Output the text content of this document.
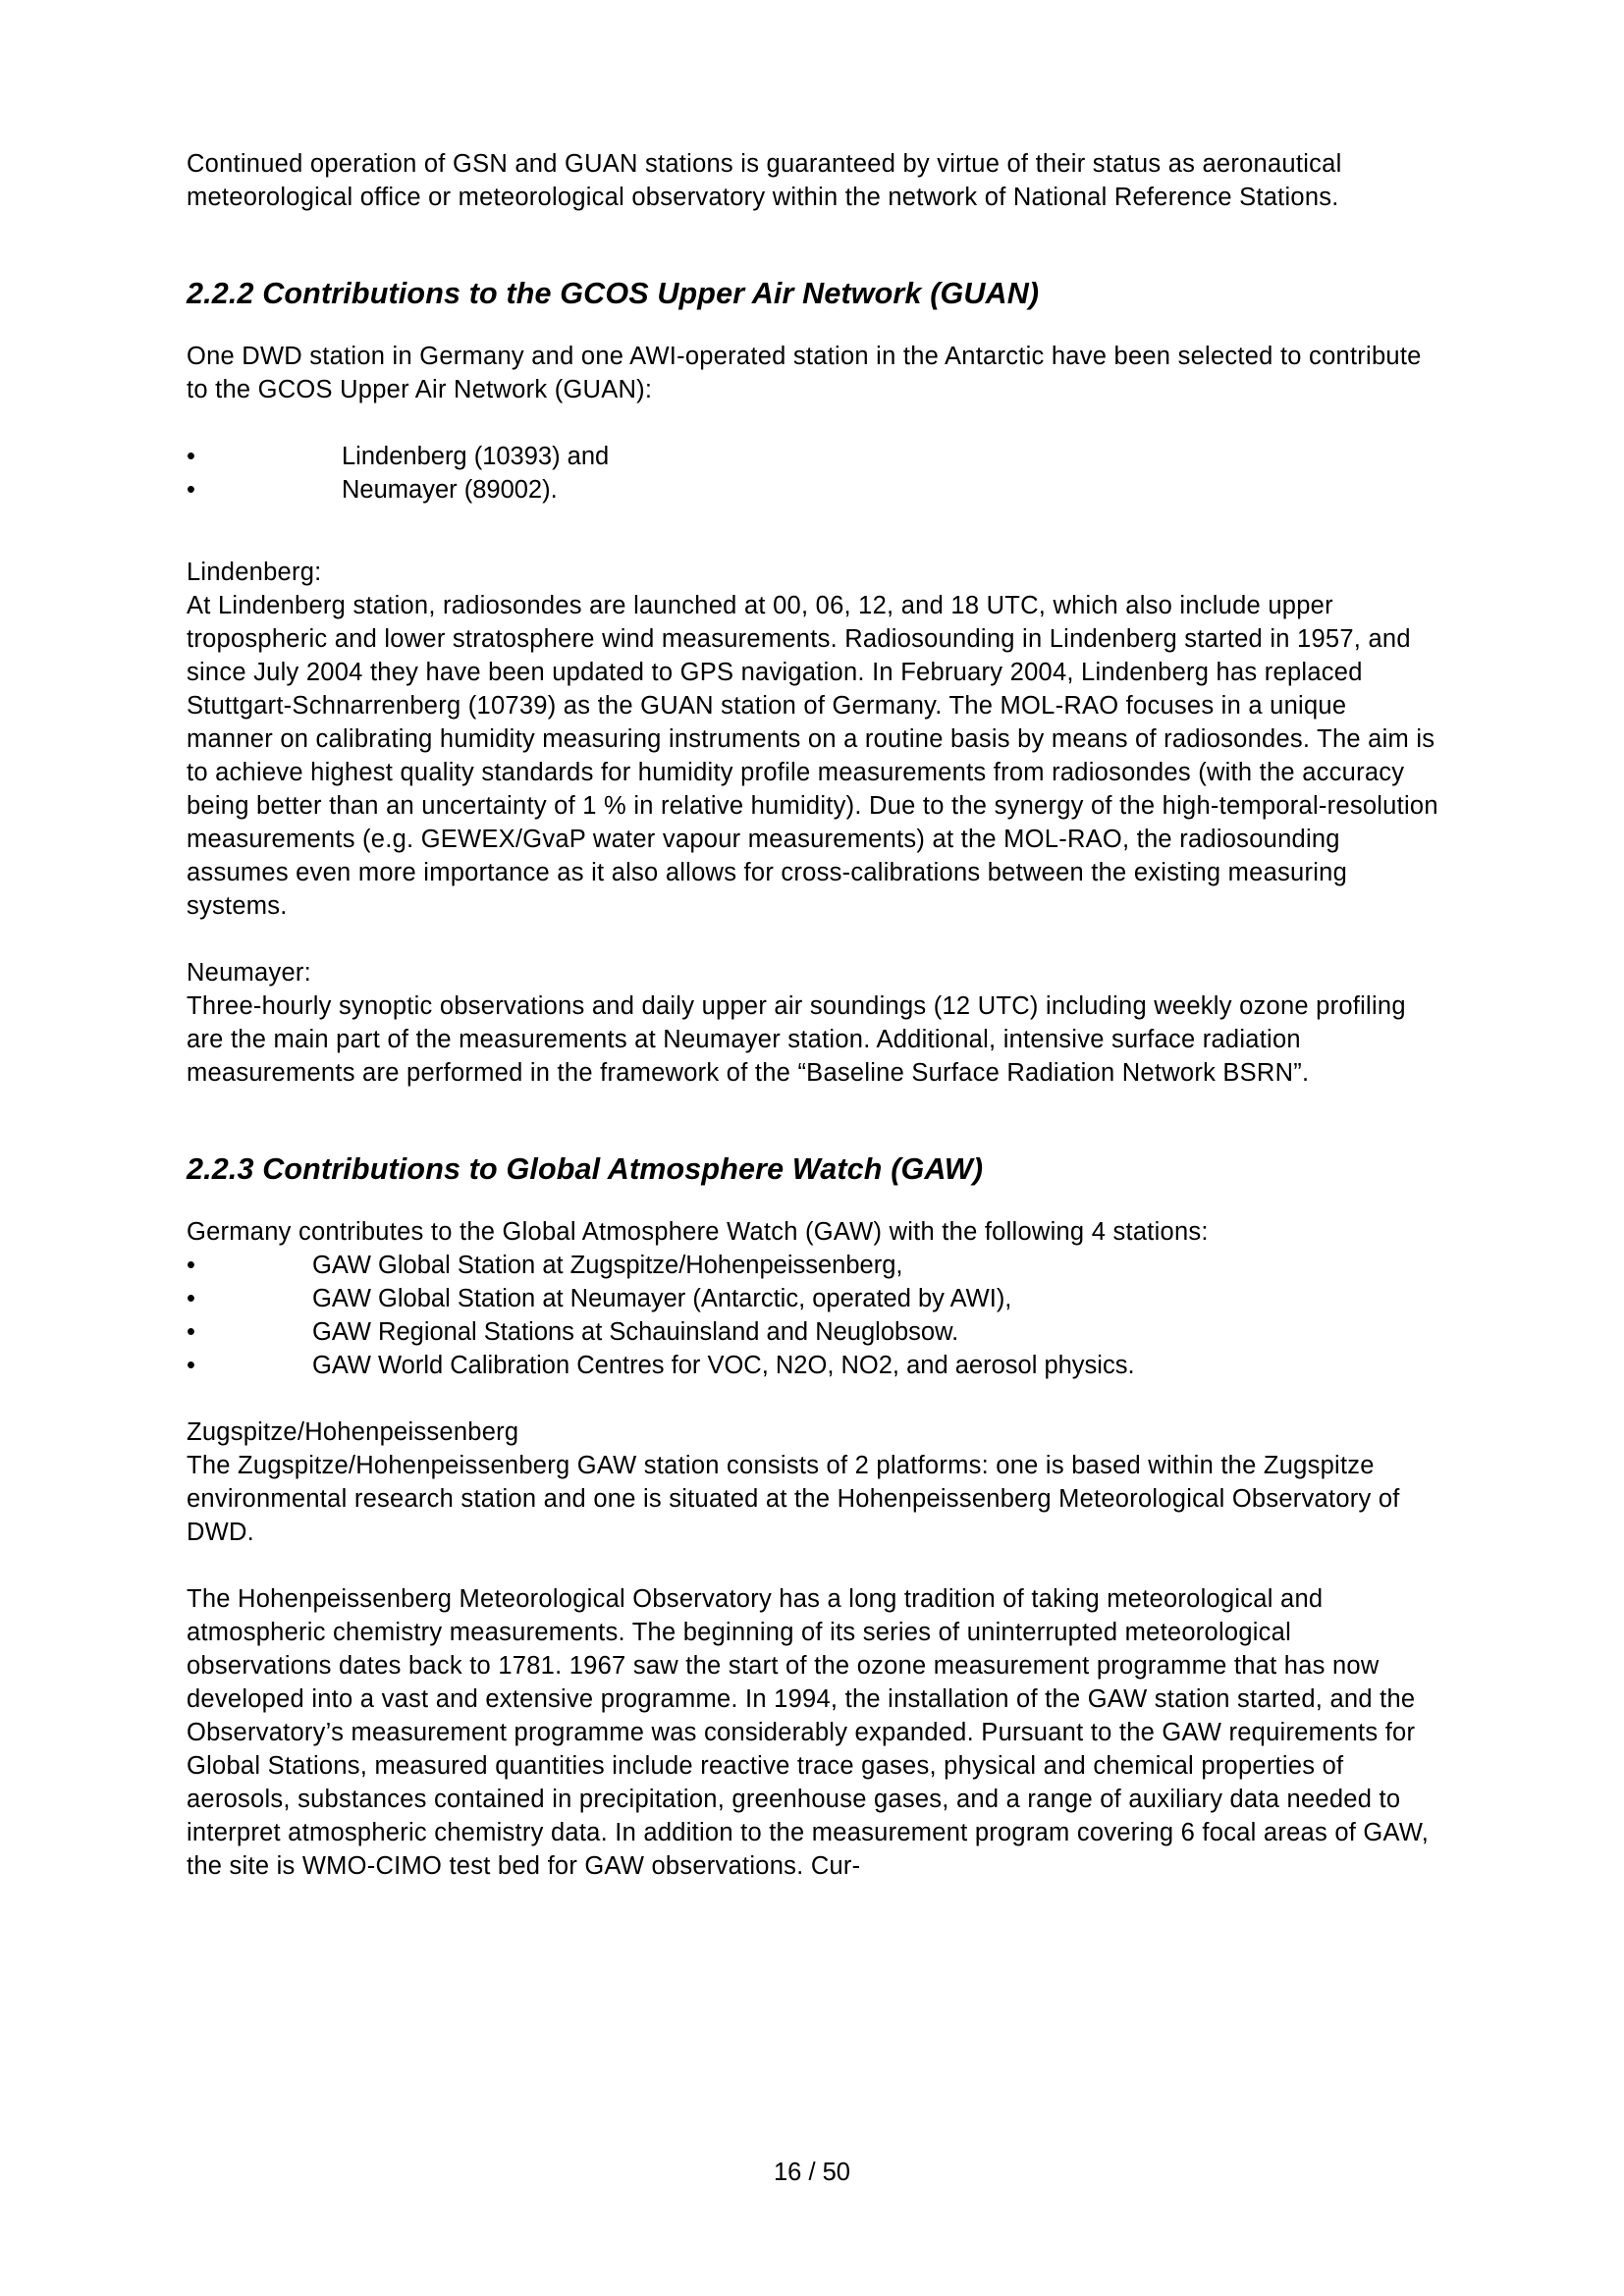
Continued operation of GSN and GUAN stations is guaranteed by virtue of their status as aeronautical meteorological office or meteorological observatory within the network of National Reference Stations.

2.2.2 Contributions to the GCOS Upper Air Network (GUAN)

One DWD station in Germany and one AWI-operated station in the Antarctic have been selected to contribute to the GCOS Upper Air Network (GUAN):

•	Lindenberg (10393) and
•	Neumayer (89002).

Lindenberg:

At Lindenberg station, radiosondes are launched at 00, 06, 12, and 18 UTC, which also include upper tropospheric and lower stratosphere wind measurements. Radiosounding in Lindenberg started in 1957, and since July 2004 they have been updated to GPS navigation. In February 2004, Lindenberg has replaced Stuttgart-Schnarrenberg (10739) as the GUAN station of Germany. The MOL-RAO focuses in a unique manner on calibrating humidity measuring instruments on a routine basis by means of radiosondes. The aim is to achieve highest quality standards for humidity profile measurements from radiosondes (with the accuracy being better than an uncertainty of 1 % in relative humidity). Due to the synergy of the high-temporal-resolution measurements (e.g. GEWEX/GvaP water vapour measurements) at the MOL-RAO, the radiosounding assumes even more importance as it also allows for cross-calibrations between the existing measuring systems.

Neumayer:

Three-hourly synoptic observations and daily upper air soundings (12 UTC) including weekly ozone profiling are the main part of the measurements at Neumayer station. Additional, intensive surface radiation measurements are performed in the framework of the “Baseline Surface Radiation Network BSRN”.

2.2.3 Contributions to Global Atmosphere Watch (GAW)

Germany contributes to the Global Atmosphere Watch (GAW) with the following 4 stations:

•	GAW Global Station at Zugspitze/Hohenpeissenberg,
•	GAW Global Station at Neumayer (Antarctic, operated by AWI),
•	GAW Regional Stations at Schauinsland and Neuglobsow.
•	GAW World Calibration Centres for VOC, N2O, NO2, and aerosol physics.

Zugspitze/Hohenpeissenberg

The Zugspitze/Hohenpeissenberg GAW station consists of 2 platforms: one is based within the Zugspitze environmental research station and one is situated at the Hohenpeissenberg Meteorological Observatory of DWD.

The Hohenpeissenberg Meteorological Observatory has a long tradition of taking meteorological and atmospheric chemistry measurements. The beginning of its series of uninterrupted meteorological observations dates back to 1781. 1967 saw the start of the ozone measurement programme that has now developed into a vast and extensive programme. In 1994, the installation of the GAW station started, and the Observatory’s measurement programme was considerably expanded. Pursuant to the GAW requirements for Global Stations, measured quantities include reactive trace gases, physical and chemical properties of aerosols, substances contained in precipitation, greenhouse gases, and a range of auxiliary data needed to interpret atmospheric chemistry data. In addition to the measurement program covering 6 focal areas of GAW, the site is WMO-CIMO test bed for GAW observations. Cur-

16 / 50
